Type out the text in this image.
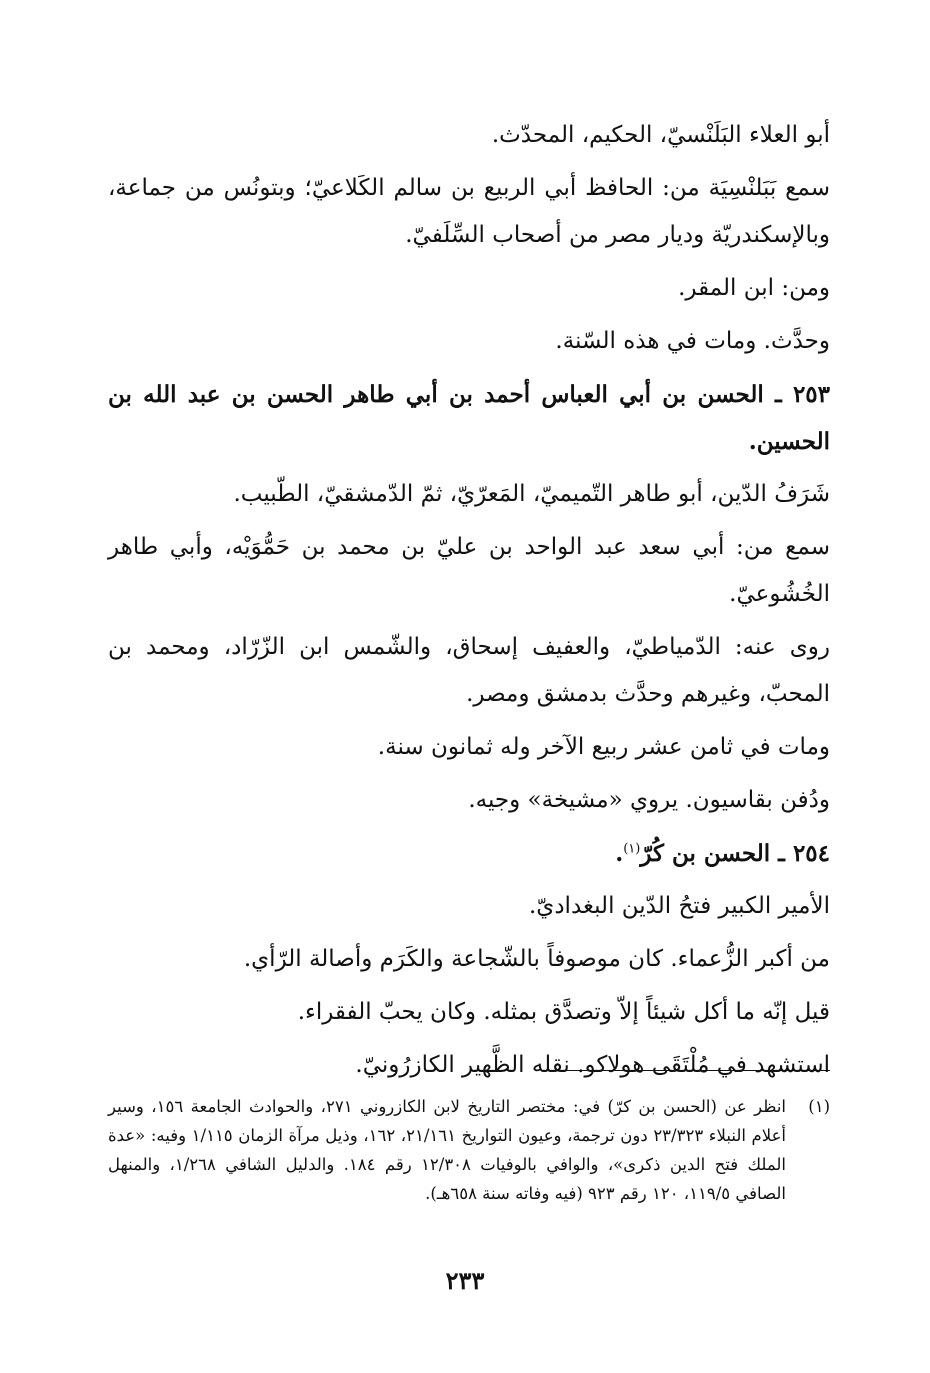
أبو العلاء البَلَنْسيّ، الحكيم، المحدّث.

سمع بَبَلنْسِيَة من: الحافظ أبي الربيع بن سالم الكَلاعيّ؛ وبتونُس من جماعة، وبالإسكندريّة وديار مصر من أصحاب السِّلَفيّ.

ومن: ابن المقر.

وحدَّث. ومات في هذه السّنة.

٢٥٣ ـ الحسن بن أبي العباس أحمد بن أبي طاهر الحسن بن عبد الله بن الحسين.

شَرَفُ الدّين، أبو طاهر التّميميّ، المَعرّيّ، ثمّ الدّمشقيّ، الطّبيب.

سمع من: أبي سعد عبد الواحد بن عليّ بن محمد بن حَمُّوَيْه، وأبي طاهر الخُشُوعيّ.

روى عنه: الدّمياطيّ، والعفيف إسحاق، والشّمس ابن الزّرّاد، ومحمد بن المحبّ، وغيرهم وحدَّث بدمشق ومصر.

ومات في ثامن عشر ربيع الآخر وله ثمانون سنة.

ودُفن بقاسيون. يروي «مشيخة» وجيه.

٢٥٤ ـ الحسن بن كُرّ$^{(١)}$.

الأمير الكبير فتحُ الدّين البغداديّ.

من أكبر الزُّعماء. كان موصوفاً بالشّجاعة والكَرَم وأصالة الرّأي.

قيل إنّه ما أكل شيئاً إلاّ وتصدَّق بمثله. وكان يحبّ الفقراء.

استشهد في مُلْتَقَى هولاكو. نقله الظَّهير الكازرُونيّ.

(١)
انظر عن (الحسن بن كرّ) في: مختصر التاريخ لابن الكازروني ٢٧١، والحوادث الجامعة ١٥٦، وسير أعلام النبلاء ٢٣/٣٢٣ دون ترجمة، وعيون التواريخ ٢١/١٦١، ١٦٢، وذيل مرآة الزمان ١/١١٥ وفيه: «عدة الملك فتح الدين ذكرى»، والوافي بالوفيات ١٢/٣٠٨ رقم ١٨٤. والدليل الشافي ١/٢٦٨، والمنهل الصافي ١١٩/٥، ١٢٠ رقم ٩٢٣ (فيه وفاته سنة ٦٥٨هـ).
٢٣٣
